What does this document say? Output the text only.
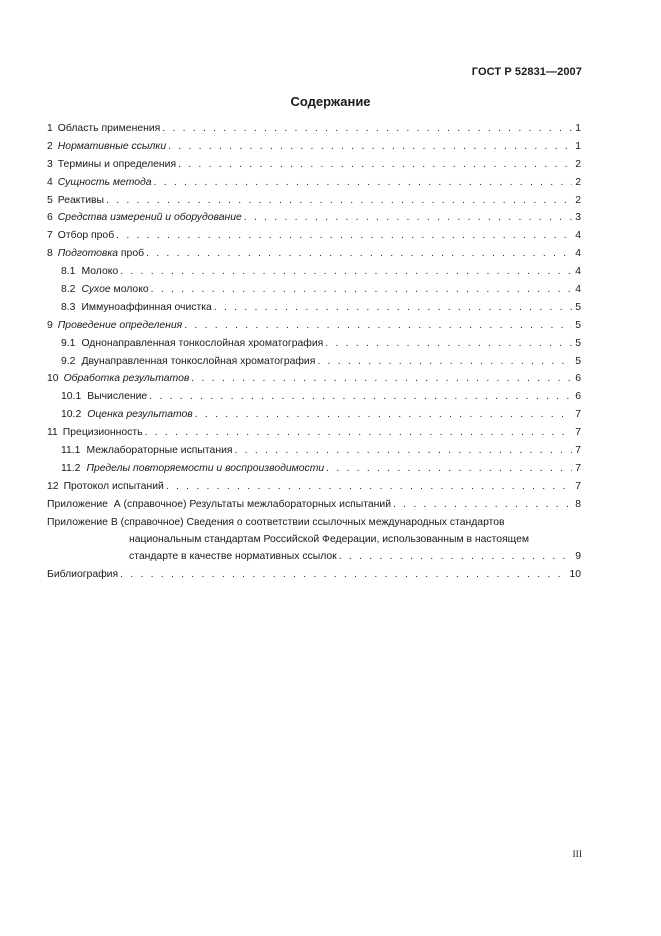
ГОСТ Р 52831—2007
Содержание
1 Область применения . . .	1
2 Нормативные ссылки . . .	1
3 Термины и определения . . .	2
4 Сущность метода . . .	2
5 Реактивы . . .	2
6 Средства измерений и оборудование . . .	3
7 Отбор проб . . .	4
8 Подготовка проб . . .	4
8.1 Молоко . . .	4
8.2 Сухое молоко . . .	4
8.3 Иммуноаффинная очистка . . .	5
9 Проведение определения . . .	5
9.1 Однонаправленная тонкослойная хроматография . . .	5
9.2 Двунаправленная тонкослойная хроматография . . .	5
10 Обработка результатов . . .	6
10.1 Вычисление . . .	6
10.2 Оценка результатов . . .	7
11 Прецизионность . . .	7
11.1 Межлабораторные испытания . . .	7
11.2 Пределы повторяемости и воспроизводимости . . .	7
12 Протокол испытаний . . .	7
Приложение  А (справочное) Результаты межлабораторных испытаний . . .	8
Приложение В (справочное)
Сведения о соответствии ссылочных международных стандартов
национальным стандартам Российской Федерации, использованным в настоящем
стандарте в качестве нормативных ссылок . . .	9
Библиография . . .	10
III
